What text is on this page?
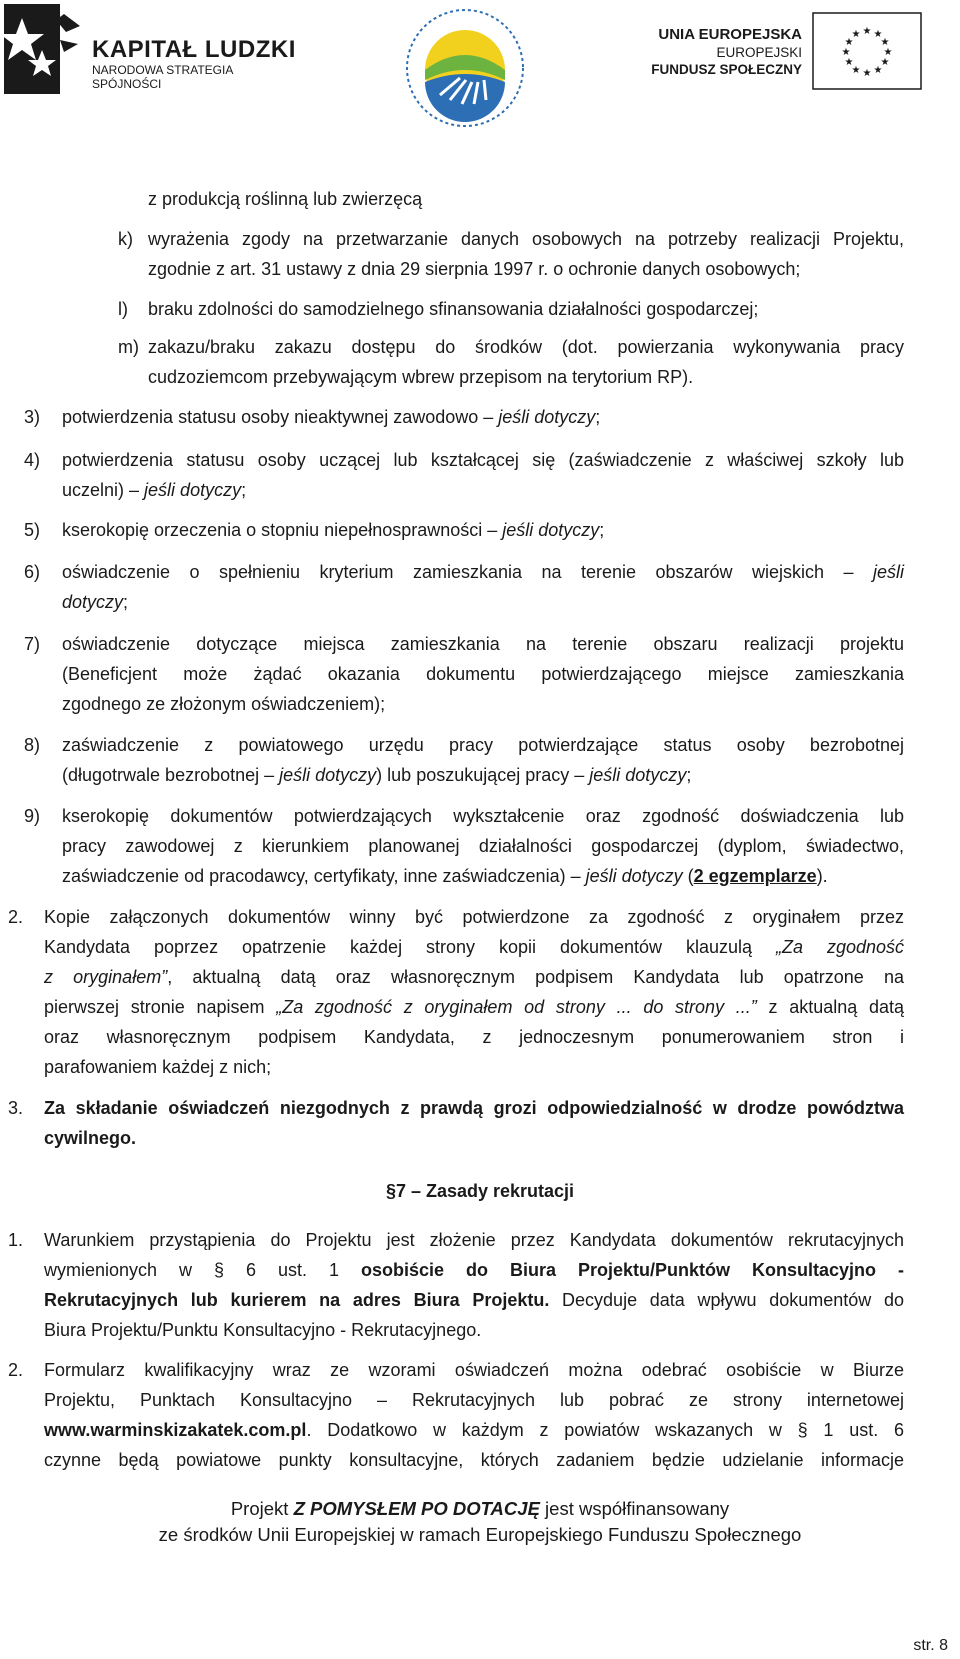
KAPITAŁ LUDZKI
NARODOWA STRATEGIA SPÓJNOŚCI
UNIA EUROPEJSKA
EUROPEJSKI
FUNDUSZ SPOŁECZNY
★ ★
★
★
★
★
★
★
★
★
★
★
z produkcją roślinną lub zwierzęcą
k) wyrażenia zgody na przetwarzanie danych osobowych na potrzeby realizacji Projektu,
zgodnie z art. 31 ustawy z dnia 29 sierpnia 1997 r. o ochronie danych osobowych;
l) braku zdolności do samodzielnego sfinansowania działalności gospodarczej;
m) zakazu/braku zakazu dostępu do środków (dot. powierzania wykonywania pracy
cudzoziemcom przebywającym wbrew przepisom na terytorium RP).
3) potwierdzenia statusu osoby nieaktywnej zawodowo – jeśli dotyczy;
4) potwierdzenia statusu osoby uczącej lub kształcącej się (zaświadczenie z właściwej szkoły lub
uczelni) – jeśli dotyczy;
5) kserokopię orzeczenia o stopniu niepełnosprawności – jeśli dotyczy;
6) oświadczenie o spełnieniu kryterium zamieszkania na terenie obszarów wiejskich – jeśli
dotyczy;
7) oświadczenie dotyczące miejsca zamieszkania na terenie obszaru realizacji projektu
(Beneficjent może żądać okazania dokumentu potwierdzającego miejsce zamieszkania
zgodnego ze złożonym oświadczeniem);
8) zaświadczenie z powiatowego urzędu pracy potwierdzające status osoby bezrobotnej
(długotrwale bezrobotnej – jeśli dotyczy) lub poszukującej pracy – jeśli dotyczy;
9) kserokopię dokumentów potwierdzających wykształcenie oraz zgodność doświadczenia lub
pracy zawodowej z kierunkiem planowanej działalności gospodarczej (dyplom, świadectwo,
zaświadczenie od pracodawcy, certyfikaty, inne zaświadczenia) – jeśli dotyczy (2 egzemplarze).
2. Kopie załączonych dokumentów winny być potwierdzone za zgodność z oryginałem przez
Kandydata poprzez opatrzenie każdej strony kopii dokumentów klauzulą „Za zgodność
z oryginałem”, aktualną datą oraz własnoręcznym podpisem Kandydata lub opatrzone na
pierwszej stronie napisem „Za zgodność z oryginałem od strony ... do strony ...” z aktualną datą
oraz własnoręcznym podpisem Kandydata, z jednoczesnym ponumerowaniem stron i
parafowaniem każdej z nich;
3. Za składanie oświadczeń niezgodnych z prawdą grozi odpowiedzialność w drodze powództwa
cywilnego.
§7 – Zasady rekrutacji
1. Warunkiem przystąpienia do Projektu jest złożenie przez Kandydata dokumentów rekrutacyjnych
wymienionych w § 6 ust. 1 osobiście do Biura Projektu/Punktów Konsultacyjno -
Rekrutacyjnych lub kurierem na adres Biura Projektu. Decyduje data wpływu dokumentów do
Biura Projektu/Punktu Konsultacyjno - Rekrutacyjnego.
2. Formularz kwalifikacyjny wraz ze wzorami oświadczeń można odebrać osobiście w Biurze
Projektu, Punktach Konsultacyjno – Rekrutacyjnych lub pobrać ze strony internetowej
www.warminskizakatek.com.pl. Dodatkowo w każdym z powiatów wskazanych w § 1 ust. 6
czynne będą powiatowe punkty konsultacyjne, których zadaniem będzie udzielanie informacje
Projekt Z POMYSŁEM PO DOTACJĘ jest współfinansowany
ze środków Unii Europejskiej w ramach Europejskiego Funduszu Społecznego
str. 8
